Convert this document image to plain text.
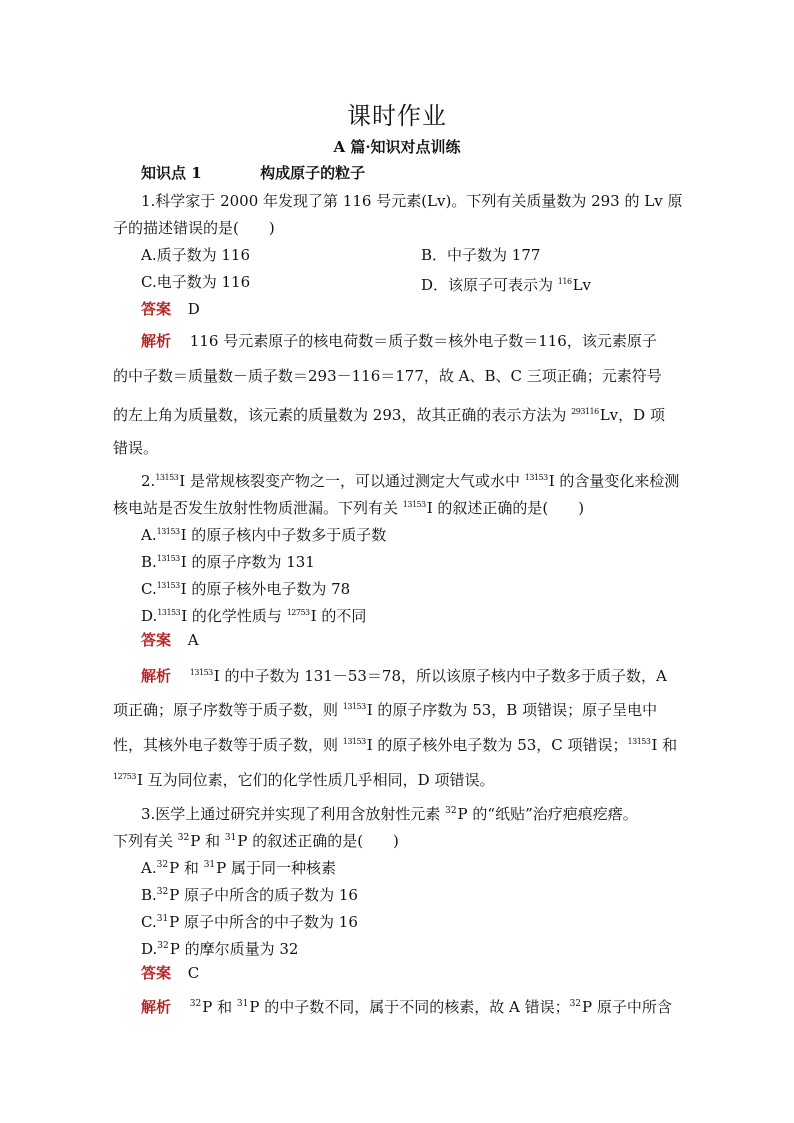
课时作业
A 篇·知识对点训练
知识点 1	构成原子的粒子
1.科学家于 2000 年发现了第 116 号元素(Lv)。下列有关质量数为 293 的 Lv 原
子的描述错误的是(　　)
A.质子数为 116	B．中子数为 177
C.电子数为 116	D．该原子可表示为 $^{116}$Lv
答案 D
解析 116 号元素原子的核电荷数＝质子数＝核外电子数＝116，该元素原子
的中子数＝质量数－质子数＝293－116＝177，故 A、B、C 三项正确；元素符号
的左上角为质量数，该元素的质量数为 293，故其正确的表示方法为 $^{293116}$Lv，D 项
错误。
2.$^{13153}$I 是常规核裂变产物之一，可以通过测定大气或水中 $^{13153}$I 的含量变化来检测
核电站是否发生放射性物质泄漏。下列有关 $^{13153}$I 的叙述正确的是(　　)
A.$^{13153}$I 的原子核内中子数多于质子数
B.$^{13153}$I 的原子序数为 131
C.$^{13153}$I 的原子核外电子数为 78
D.$^{13153}$I 的化学性质与 $^{12753}$I 的不同
答案 A
解析 $^{13153}$I 的中子数为 131－53＝78，所以该原子核内中子数多于质子数，A
项正确；原子序数等于质子数，则 $^{13153}$I 的原子序数为 53，B 项错误；原子呈电中
性，其核外电子数等于质子数，则 $^{13153}$I 的原子核外电子数为 53，C 项错误；$^{13153}$I 和
$^{12753}$I 互为同位素，它们的化学性质几乎相同，D 项错误。
3.医学上通过研究并实现了利用含放射性元素 $^{32}$P 的“纸贴”治疗疤痕疙瘩。
下列有关 $^{32}$P 和 $^{31}$P 的叙述正确的是(　　)
A.$^{32}$P 和 $^{31}$P 属于同一种核素
B.$^{32}$P 原子中所含的质子数为 16
C.$^{31}$P 原子中所含的中子数为 16
D.$^{32}$P 的摩尔质量为 32
答案 C
解析 $^{32}$P 和 $^{31}$P 的中子数不同，属于不同的核素，故 A 错误；$^{32}$P 原子中所含
